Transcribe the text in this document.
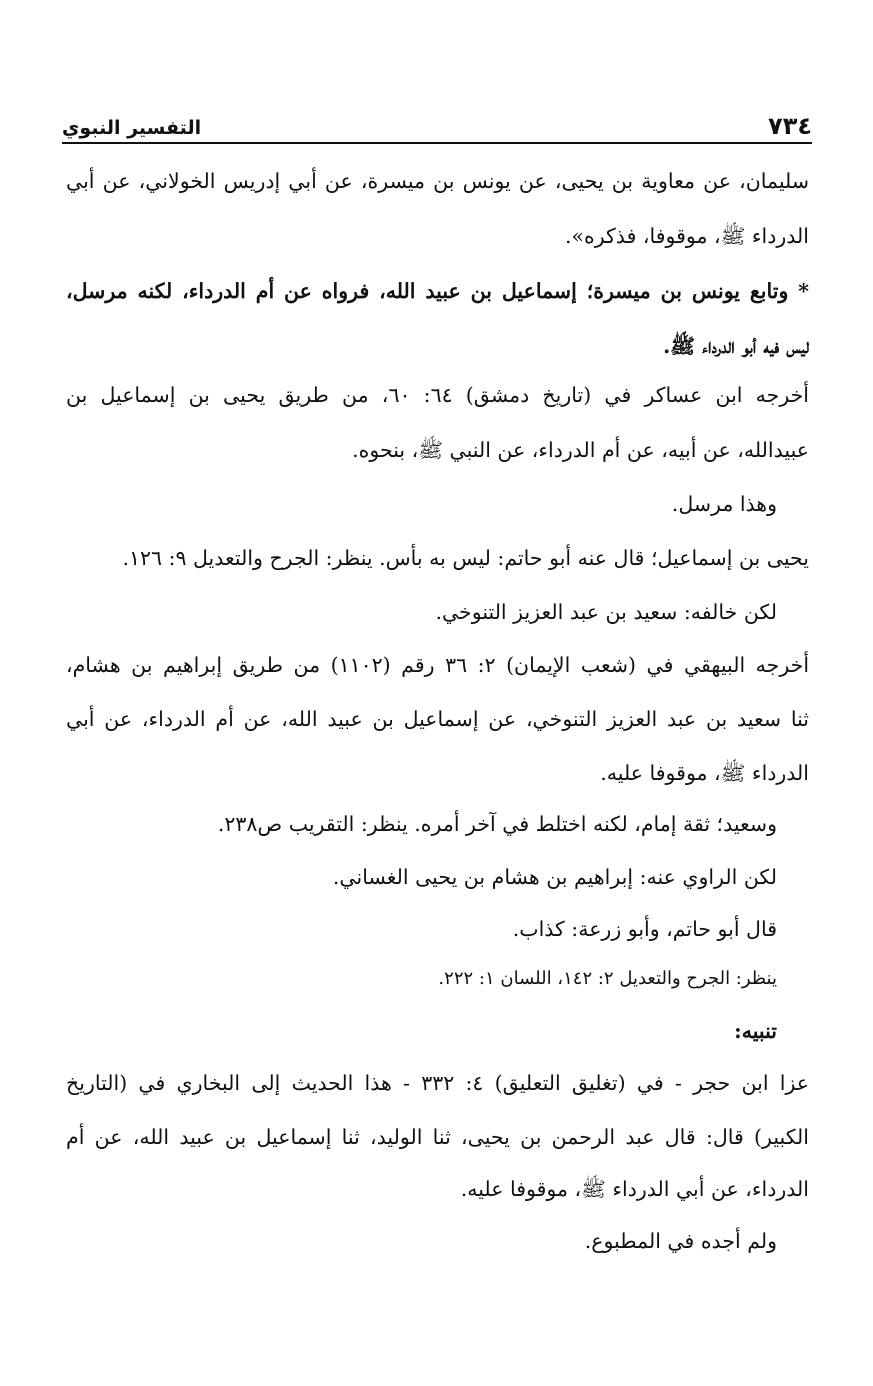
٧٣٤
التفسير النبوي
سليمان، عن معاوية بن يحيى، عن يونس بن ميسرة، عن أبي إدريس الخولاني، عن أبي
الدرداء ﷺ، موقوفا، فذكره».
* وتابع يونس بن ميسرة؛ إسماعيل بن عبيد الله، فرواه عن أم الدرداء، لكنه مرسل،
ليس فيه أبو الدرداء ﷺ.
أخرجه ابن عساكر في (تاريخ دمشق) ٦٤: ٦٠، من طريق يحيى بن إسماعيل بن
عبيدالله، عن أبيه، عن أم الدرداء، عن النبي ﷺ، بنحوه.
وهذا مرسل.
يحيى بن إسماعيل؛ قال عنه أبو حاتم: ليس به بأس. ينظر: الجرح والتعديل ٩: ١٢٦.
لكن خالفه: سعيد بن عبد العزيز التنوخي.
أخرجه البيهقي في (شعب الإيمان) ٢: ٣٦ رقم (١١٠٢) من طريق إبراهيم بن هشام،
ثنا سعيد بن عبد العزيز التنوخي، عن إسماعيل بن عبيد الله، عن أم الدرداء، عن أبي
الدرداء ﷺ، موقوفا عليه.
وسعيد؛ ثقة إمام، لكنه اختلط في آخر أمره. ينظر: التقريب ص٢٣٨.
لكن الراوي عنه: إبراهيم بن هشام بن يحيى الغساني.
قال أبو حاتم، وأبو زرعة: كذاب.
ينظر: الجرح والتعديل ٢: ١٤٢، اللسان ١: ٢٢٢.
تنبيه:
عزا ابن حجر - في (تغليق التعليق) ٤: ٣٣٢ - هذا الحديث إلى البخاري في (التاريخ
الكبير) قال: قال عبد الرحمن بن يحيى، ثنا الوليد، ثنا إسماعيل بن عبيد الله، عن أم
الدرداء، عن أبي الدرداء ﷺ، موقوفا عليه.
ولم أجده في المطبوع.
